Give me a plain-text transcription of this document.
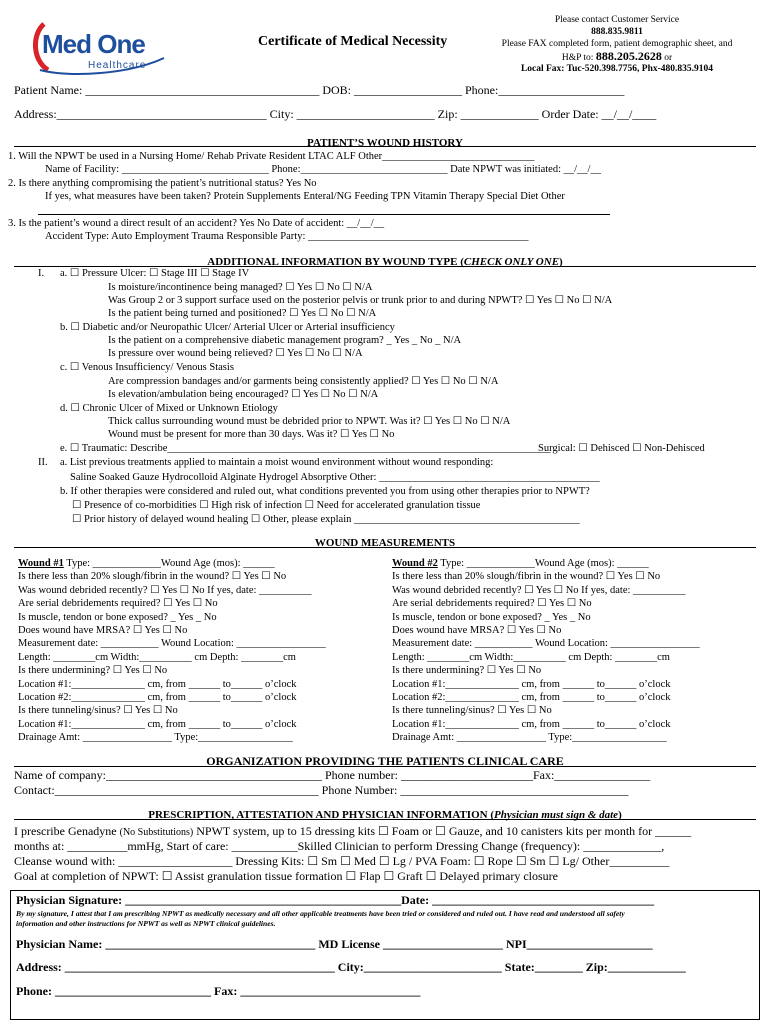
Med One
Healthcare
Certificate of Medical Necessity
Please contact Customer Service
888.835.9811
Please FAX completed form, patient demographic sheet, and
H&P to: 888.205.2628 or
Local Fax: Tuc-520.398.7756, Phx-480.835.9104
Patient Name: _______________________________________ DOB: __________________ Phone:_____________________
Address:___________________________________ City: _______________________ Zip: _____________ Order Date: __/__/____
PATIENT’S WOUND HISTORY
1. Will the NPWT be used in a Nursing Home/ Rehab Private Resident LTAC ALF Other_____________________________
Name of Facility: ____________________________ Phone:____________________________ Date NPWT was initiated: __/__/__
2. Is there anything compromising the patient’s nutritional status? Yes No
If yes, what measures have been taken? Protein Supplements Enteral/NG Feeding TPN Vitamin Therapy Special Diet Other
3. Is the patient’s wound a direct result of an accident? Yes No Date of accident: __/__/__
Accident Type: Auto Employment Trauma Responsible Party: __________________________________________
ADDITIONAL INFORMATION BY WOUND TYPE (CHECK ONLY ONE)
I. a. ☐ Pressure Ulcer: ☐ Stage III ☐ Stage IV
Is moisture/incontinence being managed? ☐ Yes ☐ No ☐ N/A
Was Group 2 or 3 support surface used on the posterior pelvis or trunk prior to and during NPWT? ☐ Yes ☐ No ☐ N/A
Is the patient being turned and positioned? ☐ Yes ☐ No ☐ N/A
b. ☐ Diabetic and/or Neuropathic Ulcer/ Arterial Ulcer or Arterial insufficiency
Is the patient on a comprehensive diabetic management program? _ Yes _ No _ N/A
Is pressure over wound being relieved? ☐ Yes ☐ No ☐ N/A
c. ☐ Venous Insufficiency/ Venous Stasis
Are compression bandages and/or garments being consistently applied? ☐ Yes ☐ No ☐ N/A
Is elevation/ambulation being encouraged? ☐ Yes ☐ No ☐ N/A
d. ☐ Chronic Ulcer of Mixed or Unknown Etiology
Thick callus surrounding wound must be debrided prior to NPWT. Was it? ☐ Yes ☐ No ☐ N/A
Wound must be present for more than 30 days. Was it? ☐ Yes ☐ No
e. ☐ Traumatic: Describe_________________________________________________________________________
Surgical: ☐ Dehisced ☐ Non-Dehisced
II. a. List previous treatments applied to maintain a moist wound environment without wound responding:
Saline Soaked Gauze Hydrocolloid Alginate Hydrogel Absorptive Other: __________________________________________
b. If other therapies were considered and ruled out, what conditions prevented you from using other therapies prior to NPWT?
☐ Presence of co-morbidities ☐ High risk of infection ☐ Need for accelerated granulation tissue
☐ Prior history of delayed wound healing ☐ Other, please explain ___________________________________________
WOUND MEASUREMENTS
Wound #1 Type: _____________Wound Age (mos): ______
Is there less than 20% slough/fibrin in the wound? ☐ Yes ☐ No
Was wound debrided recently? ☐ Yes ☐ No If yes, date: __________
Are serial debridements required? ☐ Yes ☐ No
Is muscle, tendon or bone exposed? _ Yes _ No
Does wound have MRSA? ☐ Yes ☐ No
Measurement date: ___________ Wound Location: _________________
Length: ________cm Width:__________ cm Depth: ________cm
Is there undermining? ☐ Yes ☐ No
Location #1:______________ cm, from ______ to______ o’clock
Location #2:______________ cm, from ______ to______ o’clock
Is there tunneling/sinus? ☐ Yes ☐ No
Location #1:______________ cm, from ______ to______ o’clock
Drainage Amt: _________________ Type:__________________
Wound #2 Type: _____________Wound Age (mos): ______
Is there less than 20% slough/fibrin in the wound? ☐ Yes ☐ No
Was wound debrided recently? ☐ Yes ☐ No If yes, date: __________
Are serial debridements required? ☐ Yes ☐ No
Is muscle, tendon or bone exposed? _ Yes _ No
Does wound have MRSA? ☐ Yes ☐ No
Measurement date: ___________ Wound Location: _________________
Length: ________cm Width:__________ cm Depth: ________cm
Is there undermining? ☐ Yes ☐ No
Location #1:______________ cm, from ______ to______ o’clock
Location #2:______________ cm, from ______ to______ o’clock
Is there tunneling/sinus? ☐ Yes ☐ No
Location #1:______________ cm, from ______ to______ o’clock
Drainage Amt: _________________ Type:__________________
ORGANIZATION PROVIDING THE PATIENTS CLINICAL CARE
Name of company:____________________________________ Phone number: ______________________Fax:________________
Contact:____________________________________________ Phone Number: ______________________________________
PRESCRIPTION, ATTESTATION AND PHYSICIAN INFORMATION (Physician must sign & date)
I prescribe Genadyne (No Substitutions) NPWT system, up to 15 dressing kits ☐ Foam or ☐ Gauze, and 10 canisters kits per month for ______
months at: __________mmHg, Start of care: ___________Skilled Clinician to perform Dressing Change (frequency): _____________,
Cleanse wound with: ___________________ Dressing Kits: ☐ Sm ☐ Med ☐ Lg / PVA Foam: ☐ Rope ☐ Sm ☐ Lg/ Other__________
Goal at completion of NPWT: ☐ Assist granulation tissue formation ☐ Flap ☐ Graft ☐ Delayed primary closure
Physician Signature: ______________________________________________Date: _____________________________________
By my signature, I attest that I am prescribing NPWT as medically necessary and all other applicable treatments have been tried or considered and ruled out. I have read and understood all safety
information and other instructions for NPWT as well as NPWT clinical guidelines.
Physician Name: ___________________________________ MD License ____________________ NPI_____________________
Address: _____________________________________________ City:_______________________ State:________ Zip:_____________
Phone: __________________________ Fax: ______________________________
